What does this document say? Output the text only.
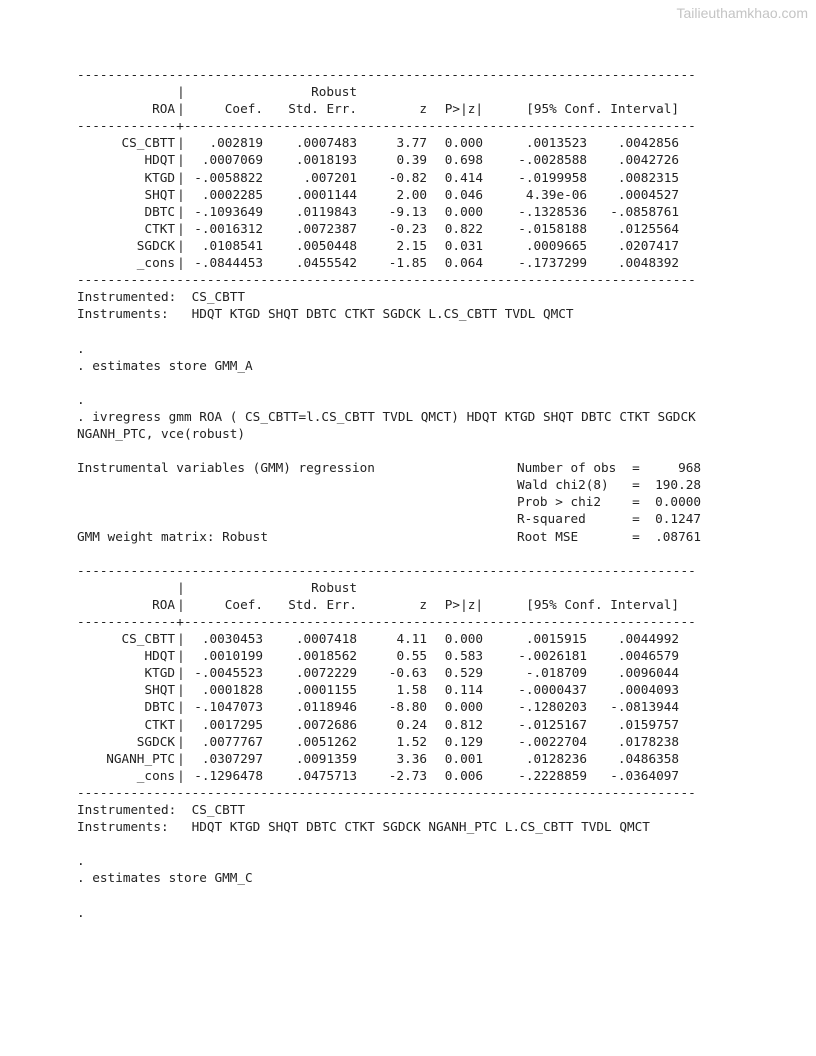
Tailieuthamkhao.com
---------------------------------------------------------------------------------
|	Robust
ROA |	Coef. Std. Err.	z P>|z|	[95% Conf. Interval]
-------------+-------------------------------------------------------------------
CS_CBTT | .002819	.0007483	3.77 0.000	.0013523 .0042856
HDQT | .0007069	.0018193	0.39 0.698	-.0028588 .0042726
KTGD | -.0058822	.007201	-0.82 0.414	-.0199958 .0082315
SHQT | .0002285	.0001144	2.00 0.046	4.39e-06 .0004527
DBTC | -.1093649	.0119843	-9.13 0.000	-.1328536 -.0858761
CTKT | -.0016312	.0072387	-0.23 0.822	-.0158188 .0125564
SGDCK | .0108541	.0050448	2.15 0.031	.0009665 .0207417
_cons | -.0844453	.0455542	-1.85 0.064	-.1737299 .0048392
---------------------------------------------------------------------------------
Instrumented:  CS_CBTT
Instruments:   HDQT KTGD SHQT DBTC CTKT SGDCK L.CS_CBTT TVDL QMCT
.
. estimates store GMM_A
.
. ivregress gmm ROA ( CS_CBTT=l.CS_CBTT TVDL QMCT) HDQT KTGD SHQT DBTC CTKT SGDCK
NGANH_PTC, vce(robust)
Instrumental variables (GMM) regression	Number of obs =	968
Wald chi2(8) = 190.28
Prob > chi2 = 0.0000
R-squared	= 0.1247
GMM weight matrix: Robust	Root MSE	= .08761
---------------------------------------------------------------------------------
|	Robust
ROA |	Coef. Std. Err.	z P>|z|	[95% Conf. Interval]
-------------+-------------------------------------------------------------------
CS_CBTT | .0030453	.0007418	4.11 0.000	.0015915 .0044992
HDQT | .0010199	.0018562	0.55 0.583	-.0026181 .0046579
KTGD | -.0045523	.0072229	-0.63 0.529	-.018709 .0096044
SHQT | .0001828	.0001155	1.58 0.114	-.0000437 .0004093
DBTC | -.1047073	.0118946	-8.80 0.000	-.1280203 -.0813944
CTKT | .0017295	.0072686	0.24 0.812	-.0125167 .0159757
SGDCK | .0077767	.0051262	1.52 0.129	-.0022704 .0178238
NGANH_PTC | .0307297	.0091359	3.36 0.001	.0128236 .0486358
_cons | -.1296478	.0475713	-2.73 0.006	-.2228859 -.0364097
---------------------------------------------------------------------------------
Instrumented:  CS_CBTT
Instruments:   HDQT KTGD SHQT DBTC CTKT SGDCK NGANH_PTC L.CS_CBTT TVDL QMCT
.
. estimates store GMM_C
.
